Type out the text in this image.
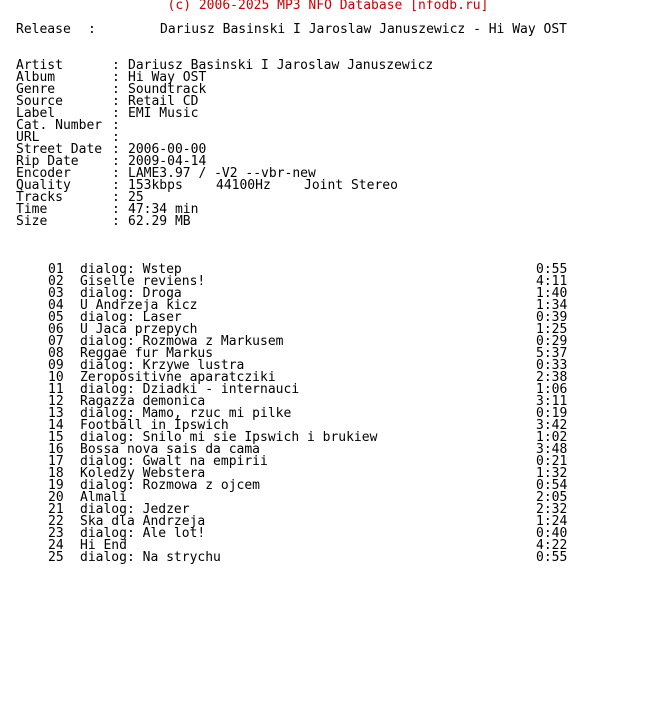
(c) 2006-2025 MP3 NFO Database [nfodb.ru]
Release :	Dariusz Basinski I Jaroslaw Januszewicz - Hi Way OST
Artist	: Dariusz Basinski I Jaroslaw Januszewicz
Album	: Hi Way OST
Genre	: Soundtrack
Source	: Retail CD
Label	: EMI Music
Cat. Number :
URL	:
Street Date : 2006-00-00
Rip Date	: 2009-04-14
Encoder	: LAME3.97 / -V2 --vbr-new
Quality	: 153kbps	44100Hz	Joint Stereo
Tracks	: 25
Time	: 47:34 min
Size	: 62.29 MB
01 dialog: Wstep	0:55
02 Giselle reviens!	4:11
03 dialog: Droga	1:40
04 U Andrzeja kicz	1:34
05 dialog: Laser	0:39
06 U Jaca przepych	1:25
07 dialog: Rozmowa z Markusem	0:29
08 Reggae fur Markus	5:37
09 dialog: Krzywe lustra	0:33
10 Zeropositivne aparatcziki	2:38
11 dialog: Dziadki - internauci	1:06
12 Ragazza demonica	3:11
13 dialog: Mamo, rzuc mi pilke	0:19
14 Football in Ipswich	3:42
15 dialog: Snilo mi sie Ipswich i brukiew	1:02
16 Bossa nova sais da cama	3:48
17 dialog: Gwalt na empirii	0:21
18 Koledzy Webstera	1:32
19 dialog: Rozmowa z ojcem	0:54
20 Almali	2:05
21 dialog: Jedzer	2:32
22 Ska dla Andrzeja	1:24
23 dialog: Ale lot!	0:40
24 Hi End	4:22
25 dialog: Na strychu	0:55
